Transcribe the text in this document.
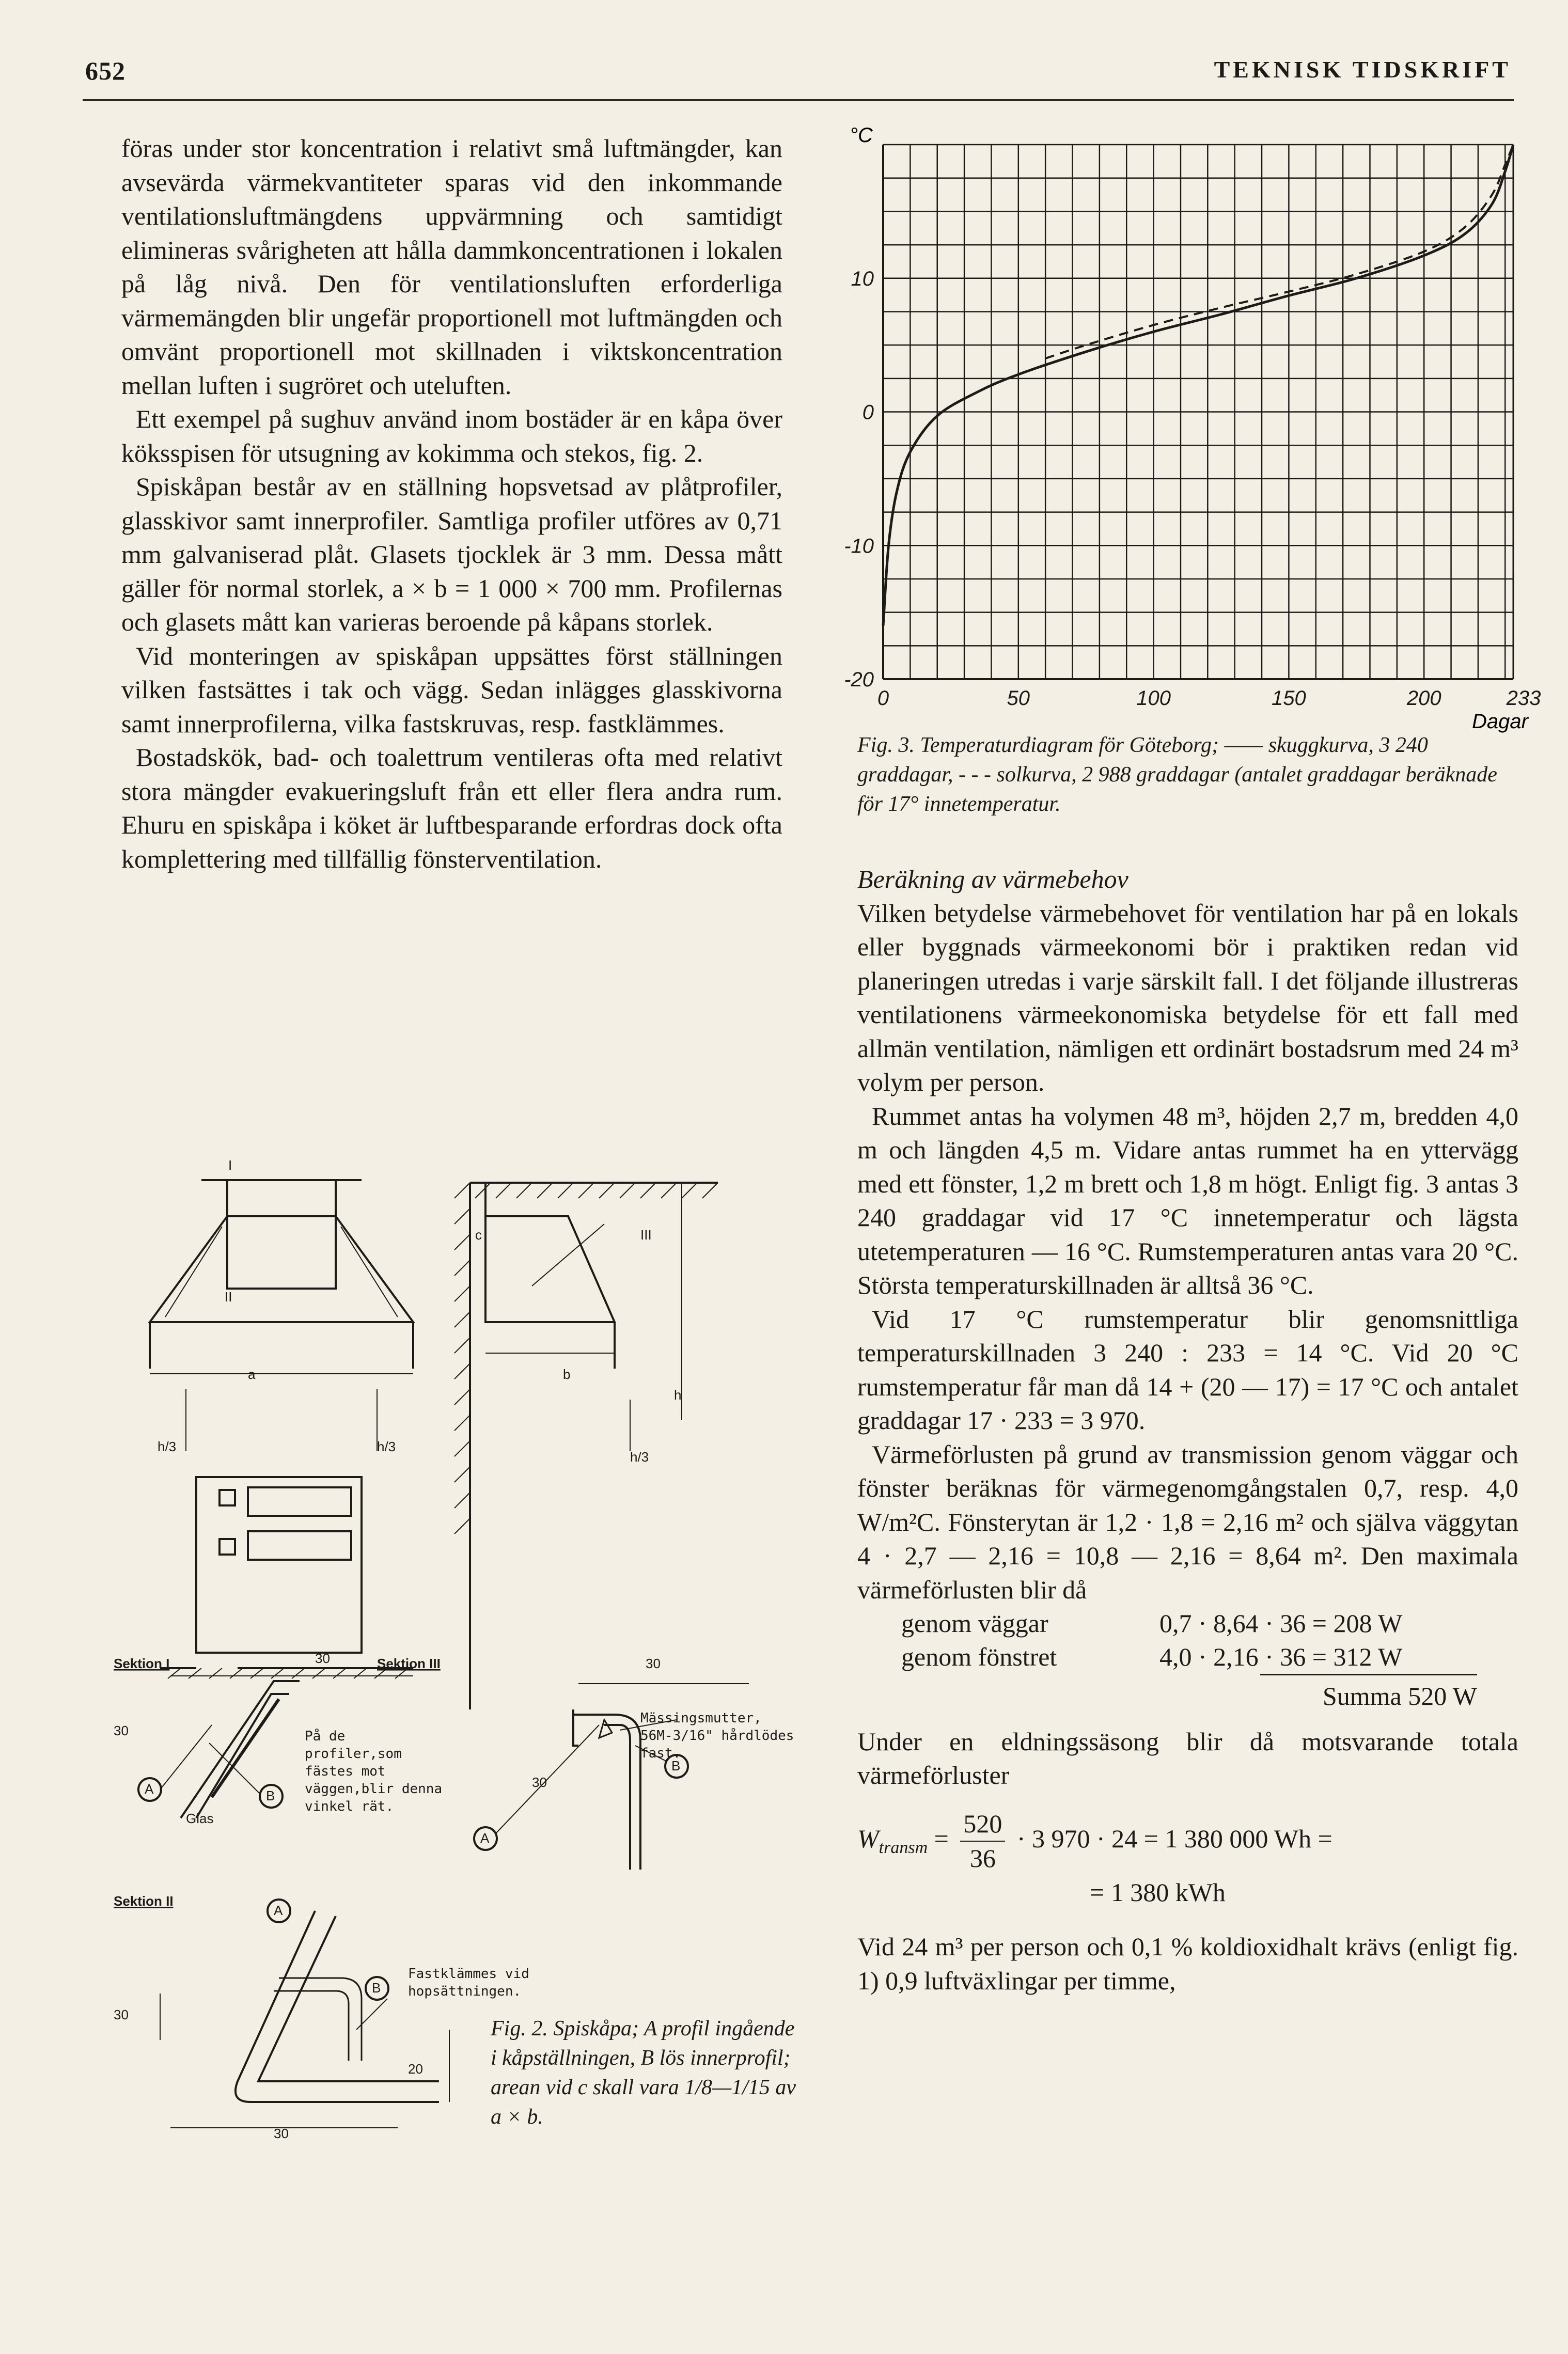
652	TEKNISK TIDSKRIFT

föras under stor koncentration i relativt små luftmängder, kan avsevärda värmekvantiteter sparas vid den inkommande ventilationsluftmängdens uppvärmning och samtidigt elimineras svårigheten att hålla dammkoncentrationen i lokalen på låg nivå. Den för ventilationsluften erforderliga värmemängden blir ungefär proportionell mot luftmängden och omvänt proportionell mot skillnaden i viktskoncentration mellan luften i sugröret och uteluften.

Ett exempel på sughuv använd inom bostäder är en kåpa över köksspisen för utsugning av kokimma och stekos, fig. 2.

Spiskåpan består av en ställning hopsvetsad av plåtprofiler, glasskivor samt innerprofiler. Samtliga profiler utföres av 0,71 mm galvaniserad plåt. Glasets tjocklek är 3 mm. Dessa mått gäller för normal storlek, a × b = 1 000 × 700 mm. Profilernas och glasets mått kan varieras beroende på kåpans storlek.

Vid monteringen av spiskåpan uppsättes först ställningen vilken fastsättes i tak och vägg. Sedan inlägges glasskivorna samt innerprofilerna, vilka fastskruvas, resp. fastklämmes.

Bostadskök, bad- och toalettrum ventileras ofta med relativt stora mängder evakueringsluft från ett eller flera andra rum. Ehuru en spiskåpa i köket är luftbesparande erfordras dock ofta komplettering med tillfällig fönsterventilation.

10
0
-10
-20
0	50	100	150	200	233
°C
Dagar
Fig. 3. Temperaturdiagram för Göteborg; —— skuggkurva, 3 240 graddagar, - - - solkurva, 2 988 graddagar (antalet graddagar beräknade för 17° innetemperatur.

Beräkning av värmebehov

Vilken betydelse värmebehovet för ventilation har på en lokals eller byggnads värmeekonomi bör i praktiken redan vid planeringen utredas i varje särskilt fall. I det följande illustreras ventilationens värmeekonomiska betydelse för ett fall med allmän ventilation, nämligen ett ordinärt bostadsrum med 24 m³ volym per person.

Rummet antas ha volymen 48 m³, höjden 2,7 m, bredden 4,0 m och längden 4,5 m. Vidare antas rummet ha en yttervägg med ett fönster, 1,2 m brett och 1,8 m högt. Enligt fig. 3 antas 3 240 graddagar vid 17 °C innetemperatur och lägsta utetemperaturen — 16 °C. Rumstemperaturen antas vara 20 °C. Största temperaturskillnaden är alltså 36 °C.

Vid 17 °C rumstemperatur blir genomsnittliga temperaturskillnaden 3 240 : 233 = 14 °C. Vid 20 °C rumstemperatur får man då 14 + (20 — 17) = 17 °C och antalet graddagar 17 · 233 = 3 970.

Värmeförlusten på grund av transmission genom väggar och fönster beräknas för värmegenomgångstalen 0,7, resp. 4,0 W/m²C. Fönsterytan är 1,2 · 1,8 = 2,16 m² och själva väggytan 4 · 2,7 — 2,16 = 10,8 — 2,16 = 8,64 m². Den maximala värmeförlusten blir då

genom väggar	0,7 · 8,64 · 36 = 208 W
genom fönstret	4,0 · 2,16 · 36 = 312 W
Summa 520 W

Under en eldningssäsong blir då motsvarande totala värmeförluster

$W_{transm} = \frac{520}{36} \cdot 3$ 970 · 24 = 1 380 000 Wh =
= 1 380 kWh

Vid 24 m³ per person och 0,1 % koldioxidhalt krävs (enligt fig. 1) 0,9 luftväxlingar per timme,

I
II
III
a	b
h
c
h/3	h/3
h/3
Sektion I	Sektion III
Sektion II
30	30
30
30
30
30
20
A	B
A
B
A
B
Glas
På de profiler,som fästes mot väggen,blir denna vinkel rät.
Mässingsmutter, 56M-3/16" hårdlödes fast.
Fastklämmes vid hopsättningen.
Fig. 2. Spiskåpa; A profil ingående i kåpställningen, B lös innerprofil; arean vid c skall vara 1/8—1/15 av a × b.
